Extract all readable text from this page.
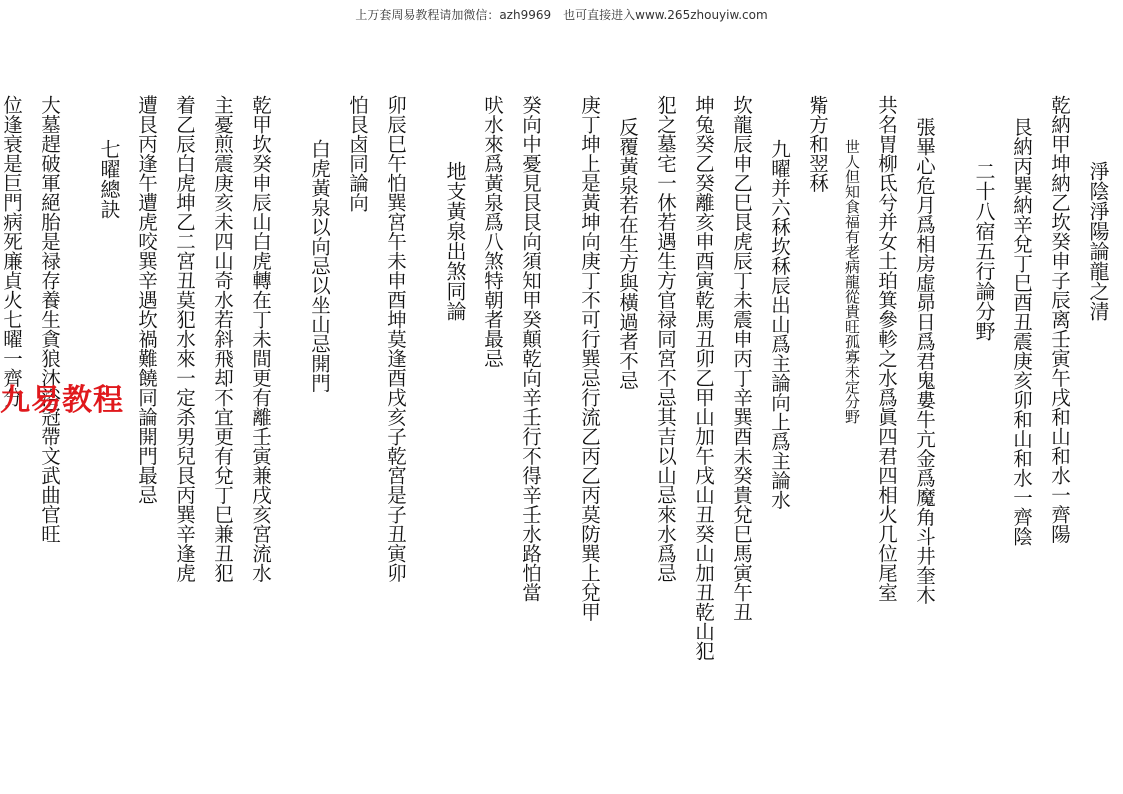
上万套周易教程请加微信：azh9969　也可直接进入www.265zhouyiw.com
淨陰淨陽論龍之清
乾納甲坤納乙坎癸申子辰离壬寅午戌和山和水一齊陽
艮納丙巽納辛兌丁巳酉丑震庚亥卯和山和水一齊陰
二十八宿五行論分野
張畢心危月爲相房虛昴日爲君鬼婁牛亢金爲魔角斗井奎木
共名胃柳氐兮并女土珀箕參軫之水爲眞四君四相火几位尾室
世人但知食福有老病龍從貴旺孤寡未定分野
觜方和翌秝
九曜并六秝坎秝辰出山爲主論向上爲主論水
坎龍辰申乙巳艮虎辰丁未震申丙丁辛巽酉未癸貴兌巳馬寅午丑
坤兔癸乙癸離亥申酉寅乾馬丑卯乙甲山加午戌山丑癸山加丑乾山犯
犯之墓宅一休若遇生方官禄同宮不忌其吉以山忌來水爲忌
反覆黃泉若在生方與橫過者不忌
庚丁坤上是黃坤向庚丁不可行巽忌行流乙丙乙丙莫防巽上兌甲
癸向中憂見艮艮向須知甲癸顛乾向辛壬行不得辛壬水路怕當
吠水來爲黃泉爲八煞特朝者最忌
地支黃泉出煞同論
卯辰巳午怕巽宮午未申酉坤莫逢酉戌亥子乾宮是子丑寅卯
怕艮卤同論向
白虎黃泉以向忌以坐山忌開門
乾甲坎癸申辰山白虎轉在丁未間更有離壬寅兼戌亥宮流水
主憂煎震庚亥未四山奇水若斜飛却不宜更有兌丁巳兼丑犯
着乙辰白虎坤乙二宮丑莫犯水來一定杀男兒艮丙巽辛逢虎
遭艮丙逢午遭虎咬巽辛遇坎禍難饒同論開門最忌
七曜總訣
大墓趕破軍絕胎是禄存養生貪狼沐浴冠帶文武曲官旺
位逢衰是巨門病死廉貞火七曜一齊分
九易教程
